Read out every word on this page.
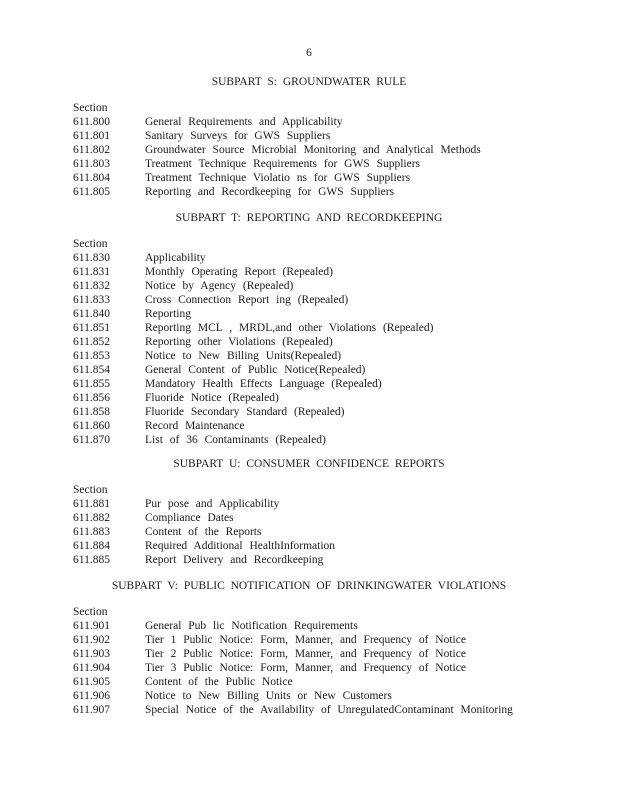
6
SUBPART S: GROUNDWATER RULE
Section
611.800	General Requirements and Applicability
611.801	Sanitary Surveys for GWS Suppliers
611.802	Groundwater Source Microbial Monitoring and Analytical Methods
611.803	Treatment Technique Requirements for GWS Suppliers
611.804	Treatment Technique Violatio ns for GWS Suppliers
611.805	Reporting and Recordkeeping for GWS Suppliers
SUBPART T: REPORTING AND RECORDKEEPING
Section
611.830	Applicability
611.831	Monthly Operating Report (Repealed)
611.832	Notice by Agency (Repealed)
611.833	Cross Connection Report ing (Repealed)
611.840	Reporting
611.851	Reporting MCL , MRDL,and other Violations (Repealed)
611.852	Reporting other Violations (Repealed)
611.853	Notice to New Billing Units(Repealed)
611.854	General Content of Public Notice(Repealed)
611.855	Mandatory Health Effects Language (Repealed)
611.856	Fluoride Notice (Repealed)
611.858	Fluoride Secondary Standard (Repealed)
611.860	Record Maintenance
611.870	List of 36 Contaminants (Repealed)
SUBPART U: CONSUMER CONFIDENCE REPORTS
Section
611.881	Pur pose and Applicability
611.882	Compliance Dates
611.883	Content of the Reports
611.884	Required Additional HealthInformation
611.885	Report Delivery and Recordkeeping
SUBPART V: PUBLIC NOTIFICATION OF DRINKINGWATER VIOLATIONS
Section
611.901	General Pub lic Notification Requirements
611.902	Tier 1 Public Notice: Form, Manner, and Frequency of Notice
611.903	Tier 2 Public Notice: Form, Manner, and Frequency of Notice
611.904	Tier 3 Public Notice: Form, Manner, and Frequency of Notice
611.905	Content of the Public Notice
611.906	Notice to New Billing Units or New Customers
611.907	Special Notice of the Availability of UnregulatedContaminant Monitoring
